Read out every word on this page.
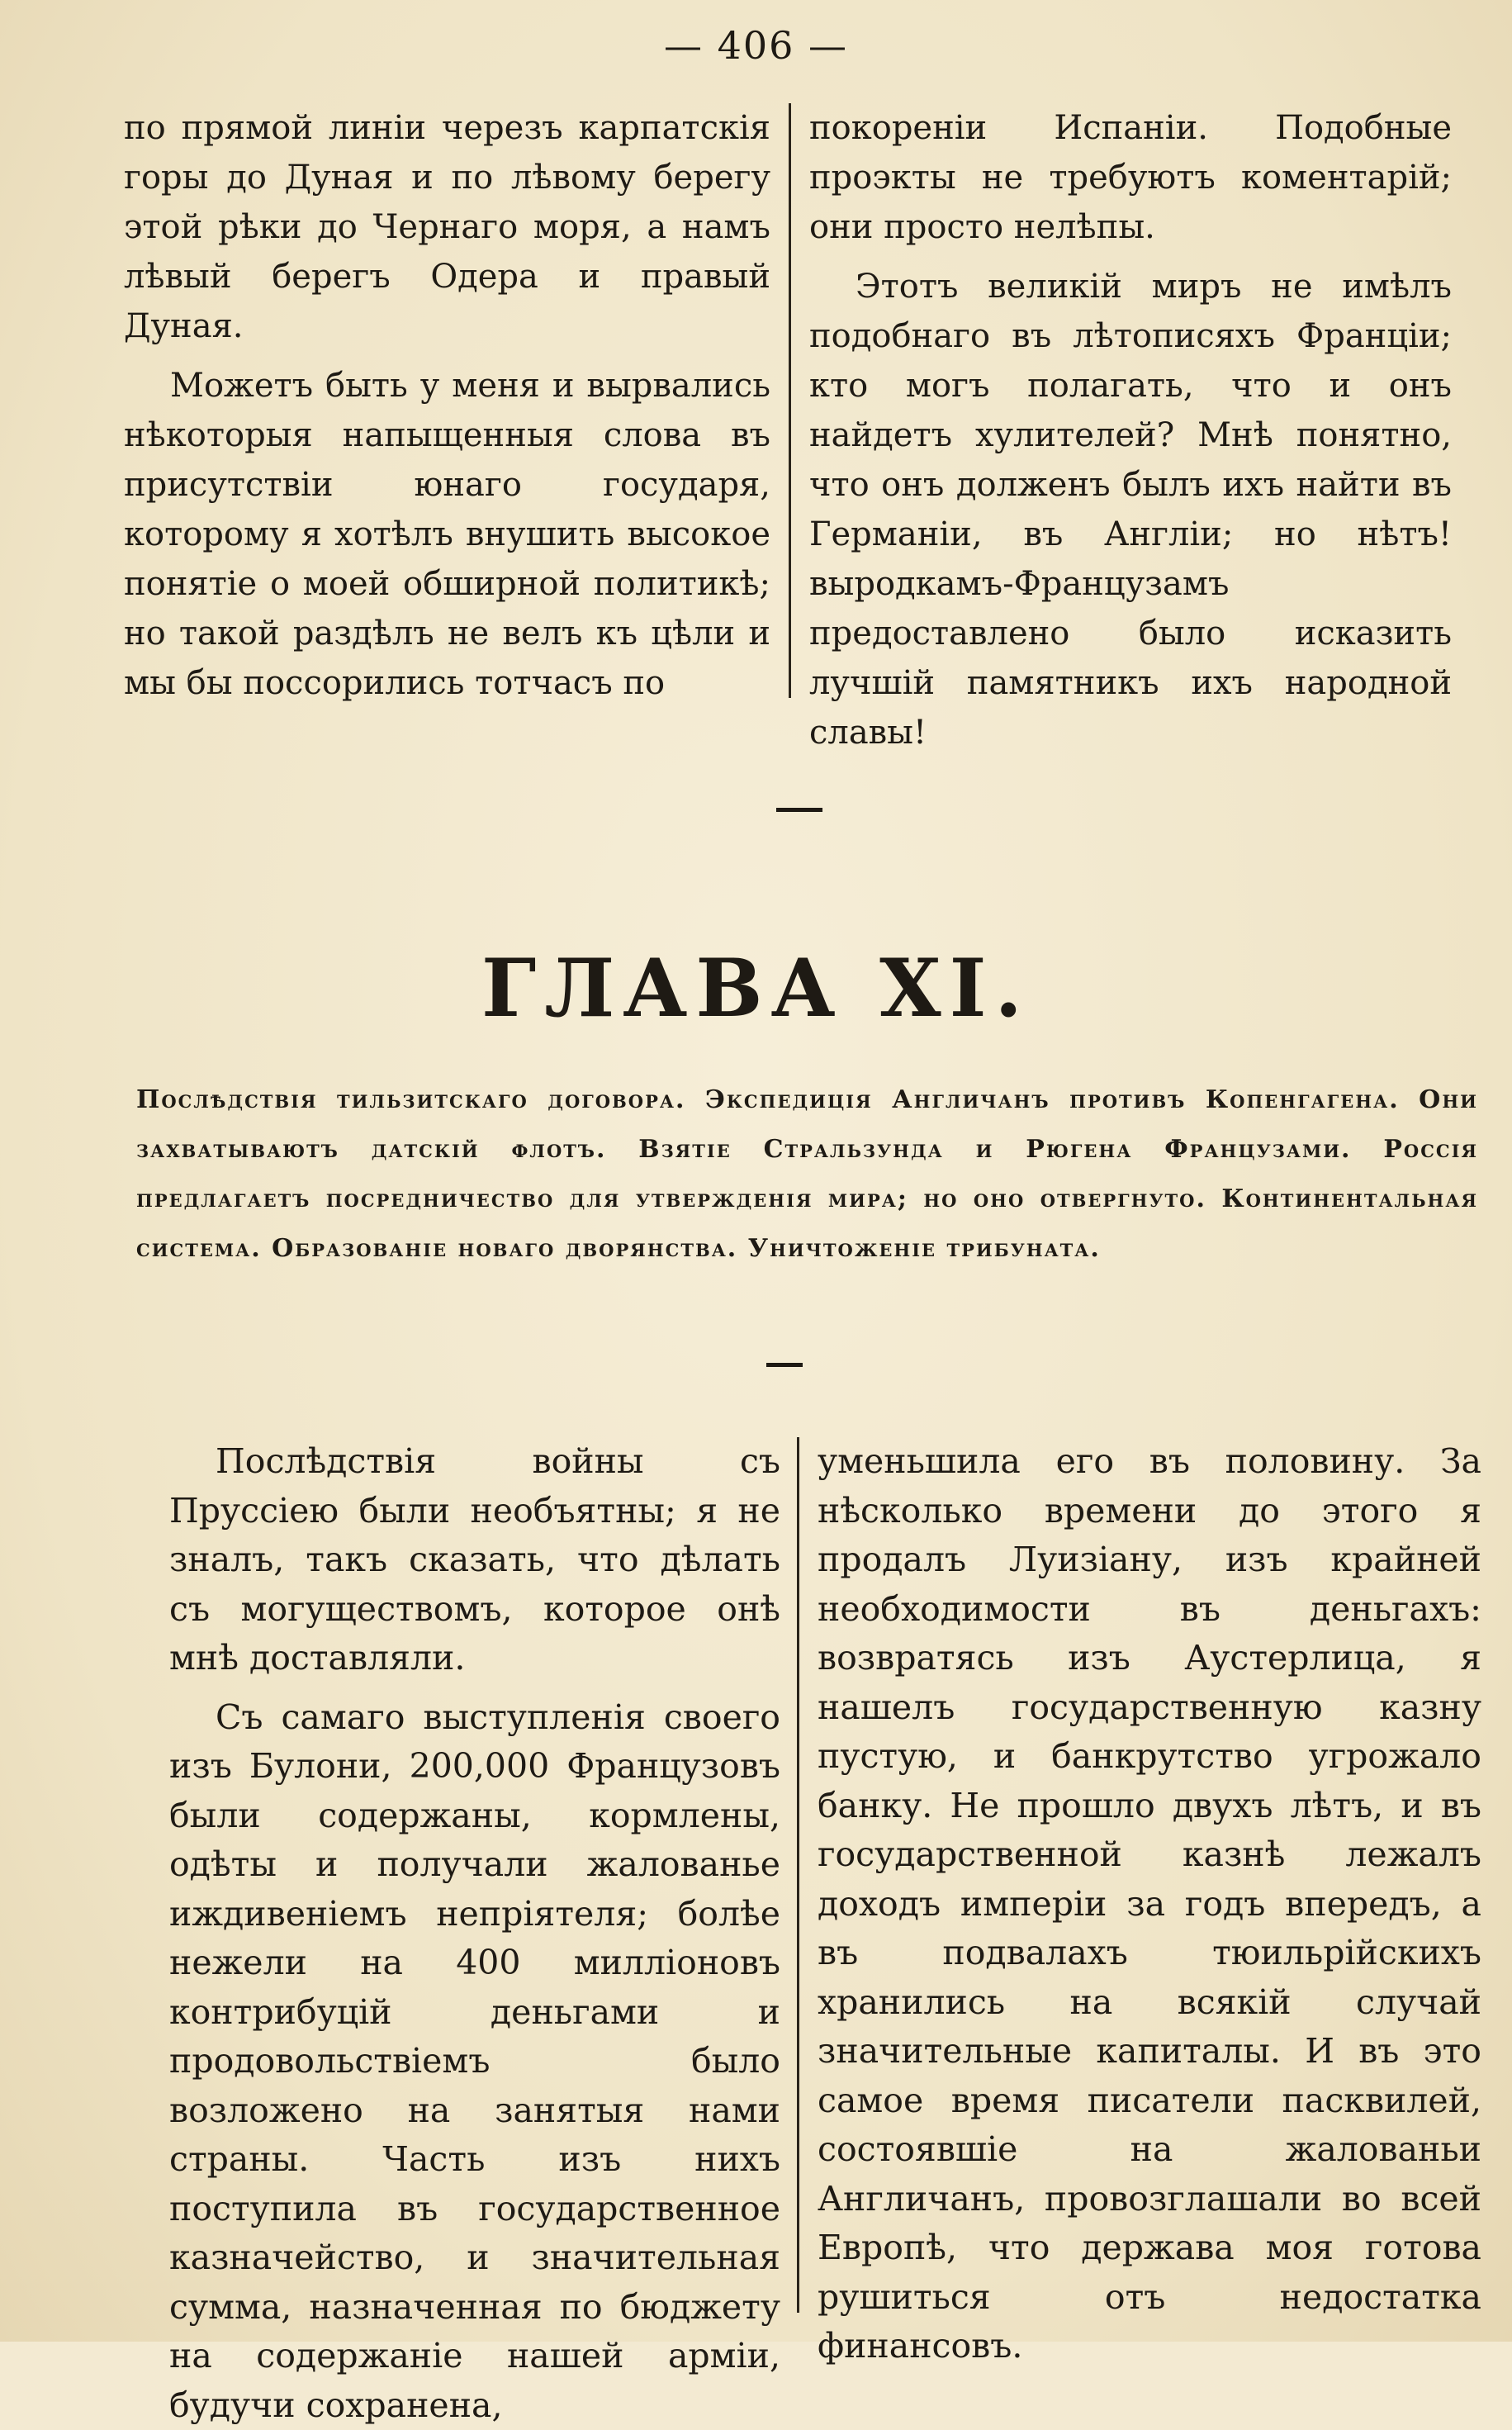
— 406 —

по прямой линiи черезъ карпатскiя горы до Дуная и по лѣвому берегу этой рѣки до Чернаго моря, а намъ лѣвый берегъ Одера и правый Дуная.

Можетъ быть у меня и вырвались нѣкоторыя напыщенныя слова въ присутствiи юнаго государя, которому я хотѣлъ внушить высокое понятiе о моей обширной политикѣ; но такой раздѣлъ не велъ къ цѣли и мы бы поссорились тотчасъ по

покоренiи Испанiи. Подобные проэкты не требуютъ коментарiй; они просто нелѣпы.

Этотъ великiй миръ не имѣлъ подобнаго въ лѣтописяхъ Францiи; кто могъ полагать, что и онъ найдетъ хулителей? Мнѣ понятно, что онъ долженъ былъ ихъ найти въ Германiи, въ Англiи; но нѣтъ! выродкамъ-Французамъ предоставлено было исказить лучшiй памятникъ ихъ народной славы!

ГЛАВА XI.
Послѣдствiя тильзитскаго договора. Экспедицiя Англичанъ противъ Копенгагена. Они захватываютъ датскiй флотъ. Взятiе Стральзунда и Рюгена Французами. Россiя предлагаетъ посредничество для утвержденiя мира; но оно отвергнуто. Континентальная система. Образованiе новаго дворянства. Уничтоженiе трибуната.

Послѣдствiя войны съ Пруссiею были необъятны; я не зналъ, такъ сказать, что дѣлать съ могуществомъ, которое онѣ мнѣ доставляли.

Съ самаго выступленiя своего изъ Булони, 200,000 Французовъ были содержаны, кормлены, одѣты и получали жалованье иждивенiемъ непрiятеля; болѣе нежели на 400 миллiоновъ контрибуцiй деньгами и продовольствiемъ было возложено на занятыя нами страны. Часть изъ нихъ поступила въ государственное казначейство, и значительная сумма, назначенная по бюджету на содержанiе нашей армiи, будучи сохранена,

уменьшила его въ половину. За нѣсколько времени до этого я продалъ Луизiану, изъ крайней необходимости въ деньгахъ: возвратясь изъ Аустерлица, я нашелъ государственную казну пустую, и банкрутство угрожало банку. Не прошло двухъ лѣтъ, и въ государственной казнѣ лежалъ доходъ имперiи за годъ впередъ, а въ подвалахъ тюильрiйскихъ хранились на всякiй случай значительные капиталы. И въ это самое время писатели пасквилей, состоявшiе на жалованьи Англичанъ, провозглашали во всей Европѣ, что держава моя готова рушиться отъ недостатка финансовъ.
